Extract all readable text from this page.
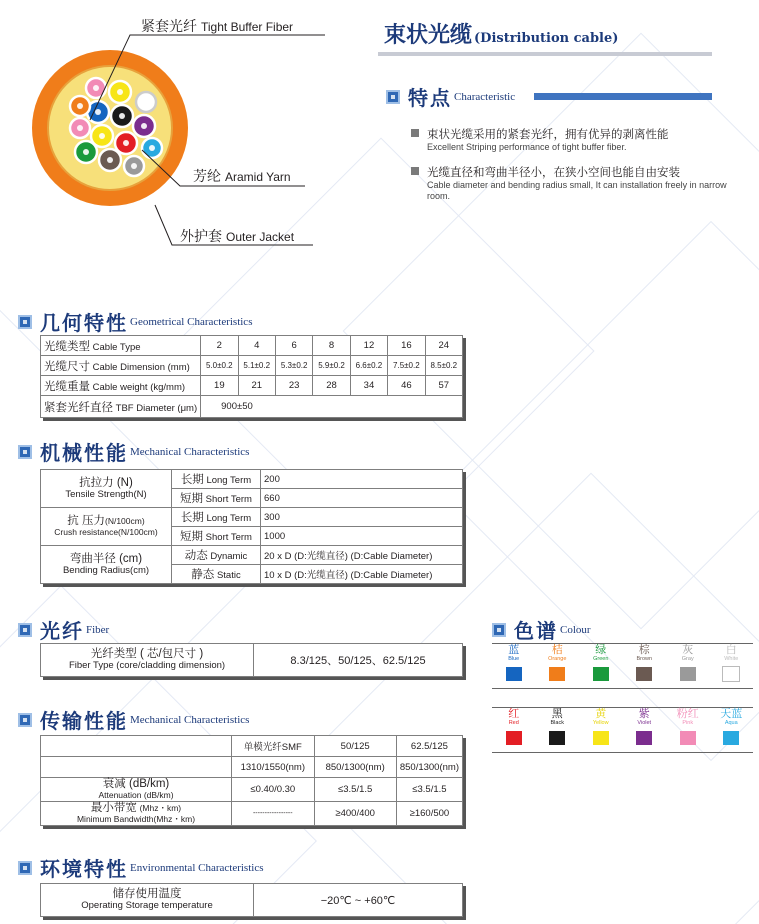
紧套光纤 Tight Buffer Fiber
芳纶 Aramid Yarn
外护套 Outer Jacket
束状光缆 (Distribution cable)
特点 Characteristic
束状光缆采用的紧套光纤，拥有优异的剥离性能
Excellent Striping performance of tight buffer fiber.
光缆直径和弯曲半径小，在狭小空间也能自由安装
Cable diameter and bending radius small, It can installation freely in narrow room.
几何特性 Geometrical Characteristics
光缆类型 Cable Type	2	4	6	8	12	16	24
光缆尺寸 Cable Dimension (mm)	5.0±0.2	5.1±0.2	5.3±0.2	5.9±0.2	6.6±0.2	7.5±0.2	8.5±0.2
光缆重量 Cable weight (kg/mm)	19	21	23	28	34	46	57
紧套光纤直径 TBF Diameter (μm)	900±50						
机械性能 Mechanical Characteristics
抗拉力 (N)
Tensile Strength(N)	长期 Long Term	200
	短期 Short Term	660

抗 压力(N/100cm)
Crush resistance(N/100cm)	长期 Long Term	300
	短期 Short Term	1000

弯曲半径 (cm)
Bending Radius(cm)	动态 Dynamic	20 x D (D:光缆直径) (D:Cable Diameter)
	静态 Static	10 x D (D:光缆直径) (D:Cable Diameter)
光纤 Fiber
光纤类型 ( 芯/包尺寸 )
Fiber Type (core/cladding dimension)	8.3/125、50/125、62.5/125
色谱 Colour
蓝
Blue
桔
Orange
绿
Green
棕
Brown
灰
Gray
白
White
红
Red
黑
Black
黄
Yellow
紫
Violet
粉红
Pink
天蓝
Aqua
传输性能 Mechanical Characteristics
	单模光纤SMF	50/125	62.5/125
	1310/1550(nm)	850/1300(nm)	850/1300(nm)

衰减 (dB/km)
Attenuation (dB/km)	≤0.40/0.30	≤3.5/1.5	≤3.5/1.5

最小带宽 (Mhz・km)
Minimum Bandwidth(Mhz・km)	-----------------	≥400/400	≥160/500
环境特性 Environmental Characteristics
储存使用温度
Operating Storage temperature	−20℃ ~ +60℃
